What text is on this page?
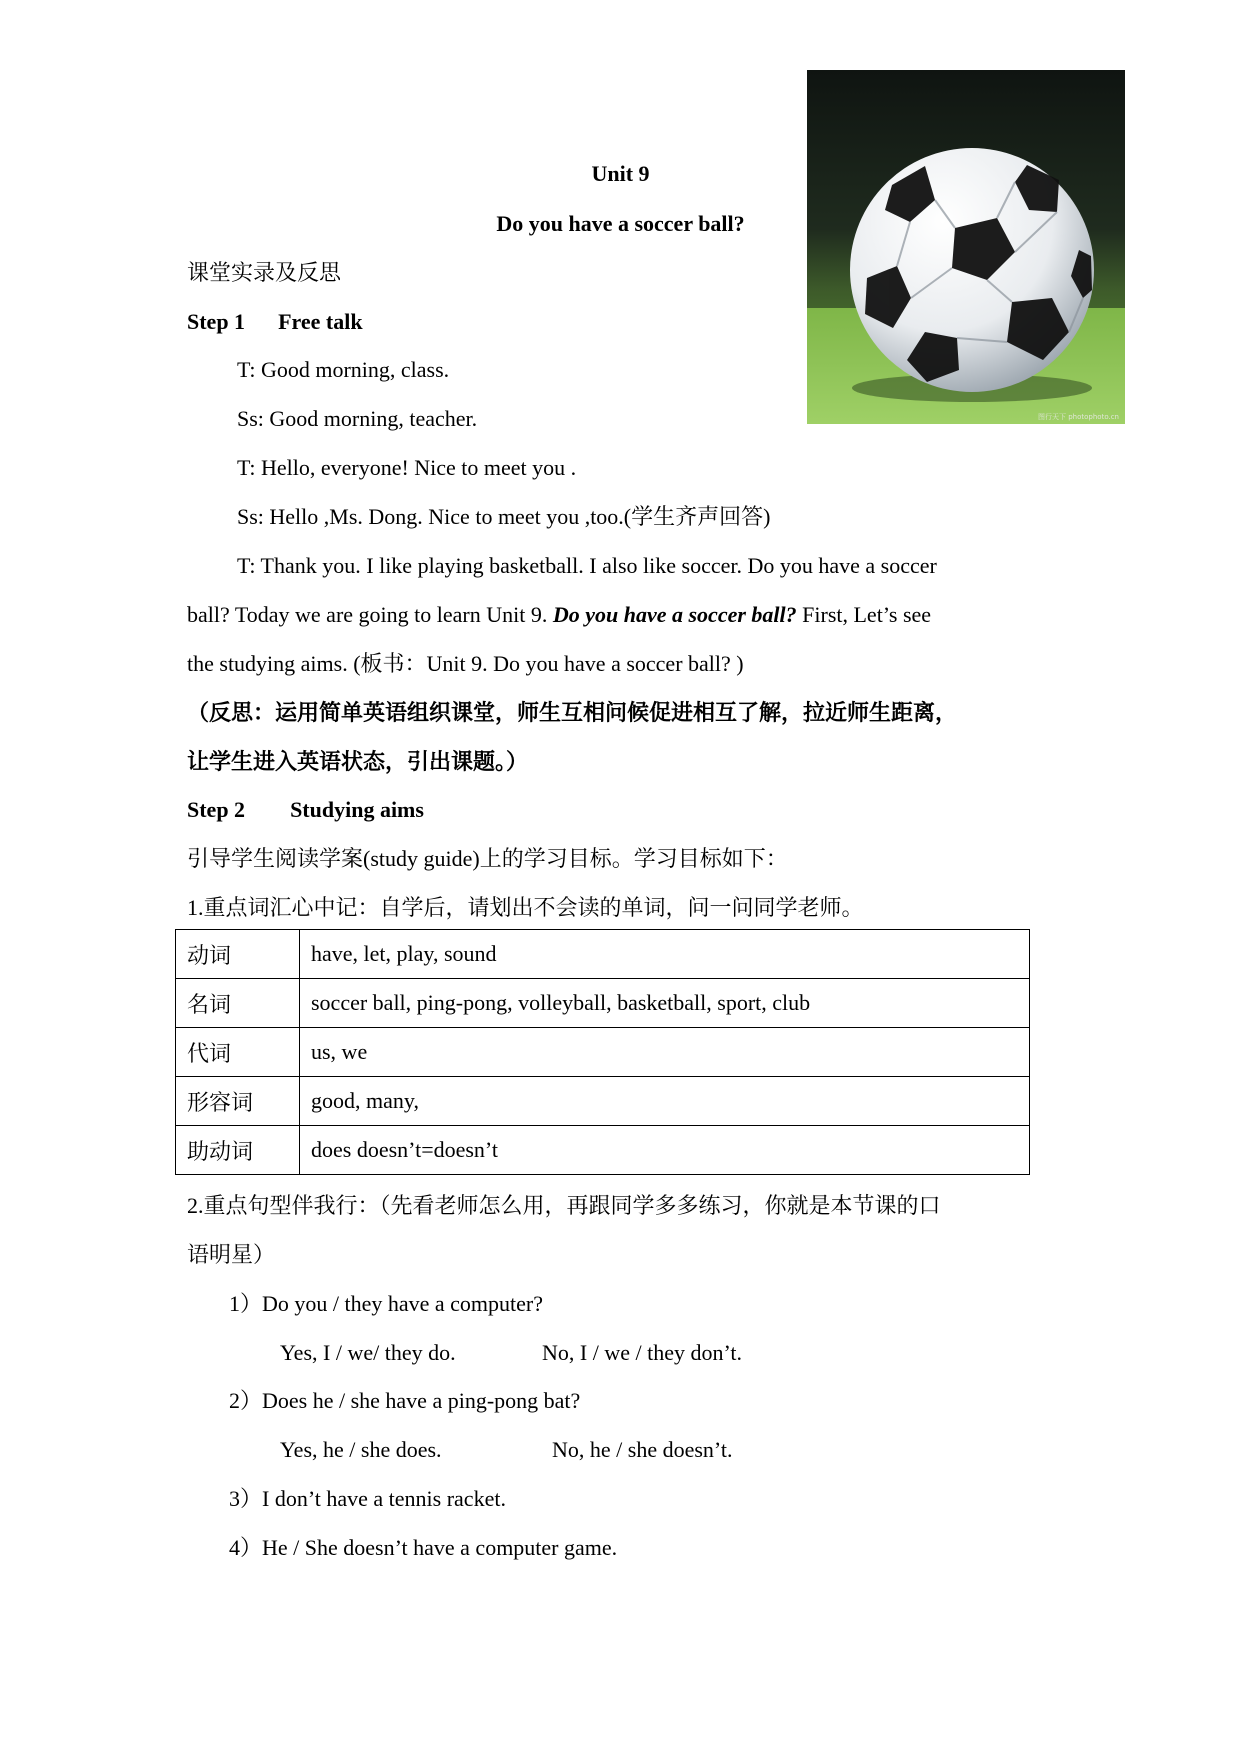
图行天下 photophoto.cn
Unit 9
Do you have a soccer ball?
课堂实录及反思
Step 1 Free talk
T: Good morning, class.
Ss: Good morning, teacher.
T: Hello, everyone! Nice to meet you .
Ss: Hello ,Ms. Dong. Nice to meet you ,too.(学生齐声回答)
T: Thank you. I like playing basketball. I also like soccer. Do you have a soccer
ball? Today we are going to learn Unit 9. Do you have a soccer ball? First, Let’s see
the studying aims. (板书：Unit 9. Do you have a soccer ball? )
（反思：运用简单英语组织课堂，师生互相问候促进相互了解，拉近师生距离，
让学生进入英语状态，引出课题。）
Step 2 Studying aims
引导学生阅读学案(study guide)上的学习目标。学习目标如下：
1.重点词汇心中记：自学后，请划出不会读的单词，问一问同学老师。
动词	have, let, play, sound
名词	soccer ball, ping-pong, volleyball, basketball, sport, club
代词	us, we
形容词	good, many,
助动词	does doesn’t=doesn’t
2.重点句型伴我行：（先看老师怎么用，再跟同学多多练习，你就是本节课的口
语明星）
1）Do you / they have a computer?
Yes, I / we/ they do.	No, I / we / they don’t.
2）Does he / she have a ping-pong bat?
Yes, he / she does.	No, he / she doesn’t.
3）I don’t have a tennis racket.
4）He / She doesn’t have a computer game.
